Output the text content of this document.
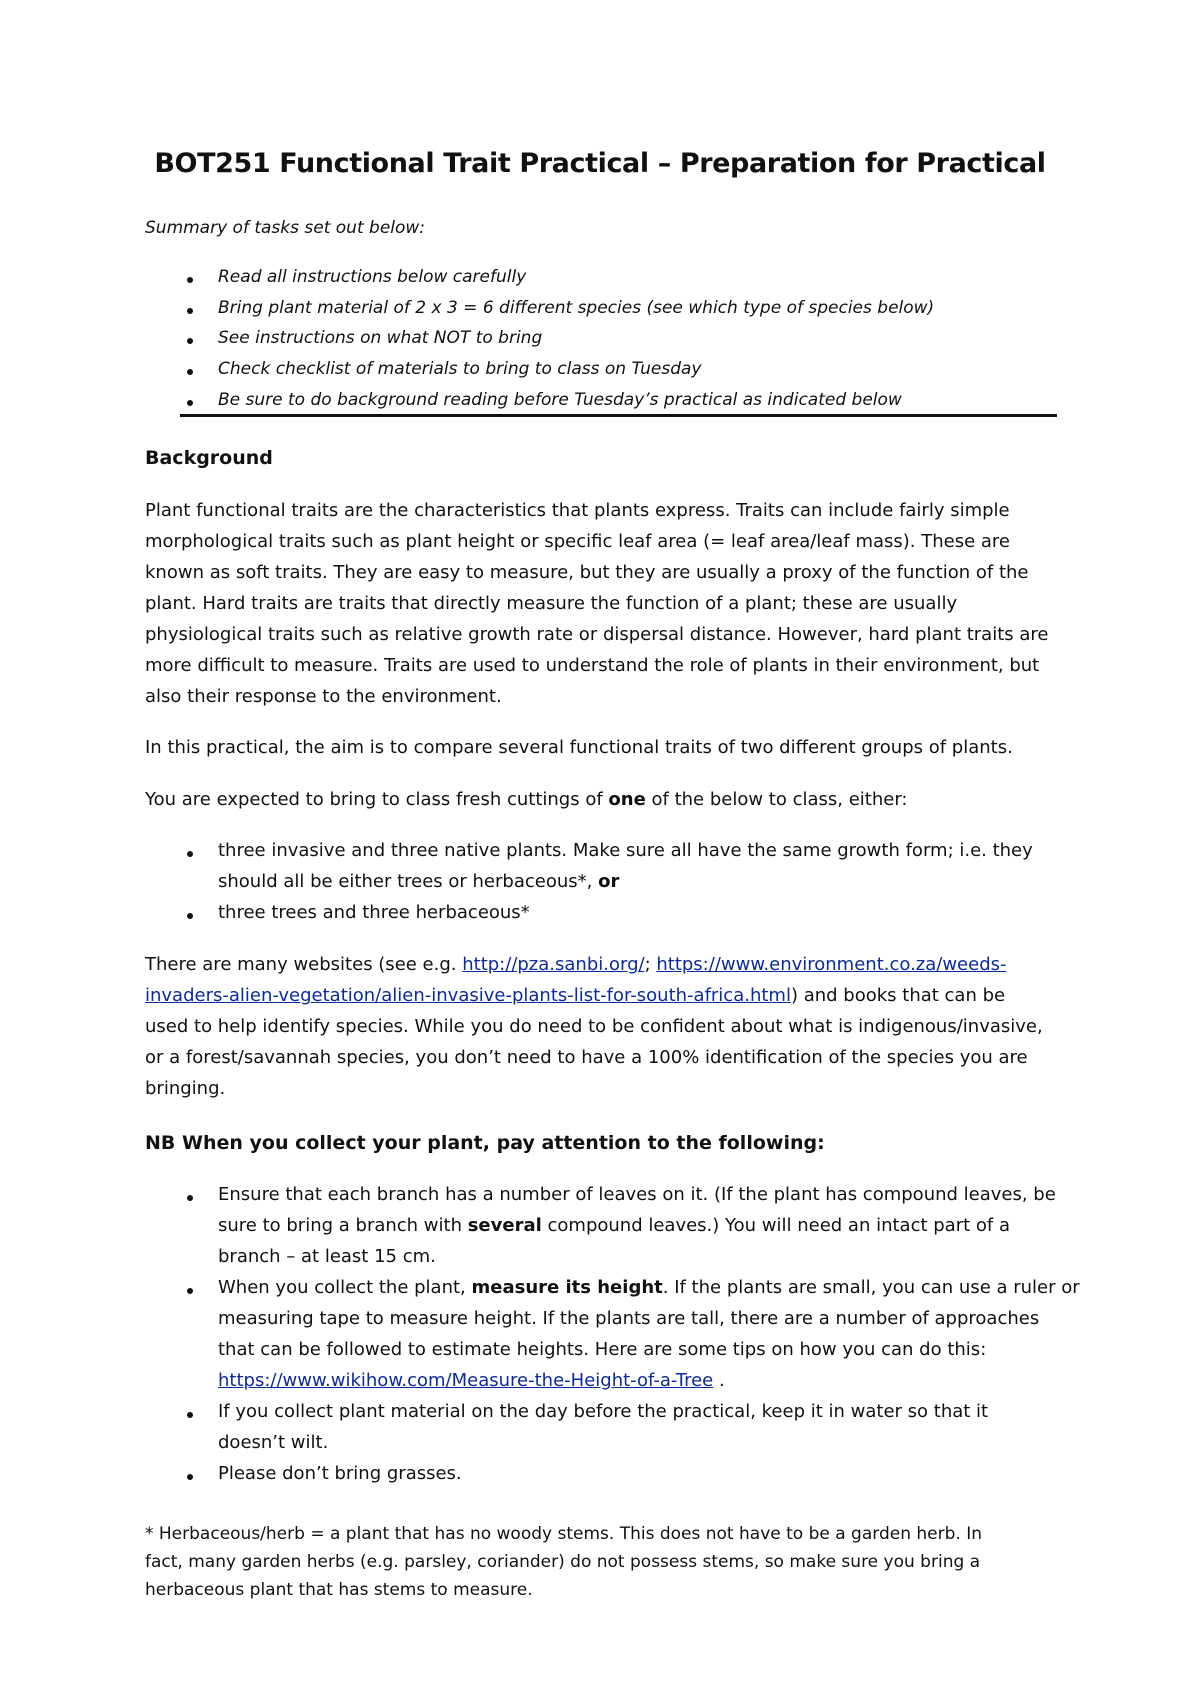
BOT251 Functional Trait Practical – Preparation for Practical
Summary of tasks set out below:
Read all instructions below carefully
Bring plant material of 2 x 3 = 6 different species (see which type of species below)
See instructions on what NOT to bring
Check checklist of materials to bring to class on Tuesday
Be sure to do background reading before Tuesday’s practical as indicated below
Background
Plant functional traits are the characteristics that plants express. Traits can include fairly simple
morphological traits such as plant height or specific leaf area (= leaf area/leaf mass). These are
known as soft traits. They are easy to measure, but they are usually a proxy of the function of the
plant. Hard traits are traits that directly measure the function of a plant; these are usually
physiological traits such as relative growth rate or dispersal distance. However, hard plant traits are
more difficult to measure. Traits are used to understand the role of plants in their environment, but
also their response to the environment.
In this practical, the aim is to compare several functional traits of two different groups of plants.
You are expected to bring to class fresh cuttings of one of the below to class, either:
three invasive and three native plants. Make sure all have the same growth form; i.e. they
should all be either trees or herbaceous*, or
three trees and three herbaceous*
There are many websites (see e.g. http://pza.sanbi.org/; https://www.environment.co.za/weeds-
invaders-alien-vegetation/alien-invasive-plants-list-for-south-africa.html) and books that can be
used to help identify species. While you do need to be confident about what is indigenous/invasive,
or a forest/savannah species, you don’t need to have a 100% identification of the species you are
bringing.
NB When you collect your plant, pay attention to the following:
Ensure that each branch has a number of leaves on it. (If the plant has compound leaves, be
sure to bring a branch with several compound leaves.) You will need an intact part of a
branch – at least 15 cm.
When you collect the plant, measure its height. If the plants are small, you can use a ruler or
measuring tape to measure height. If the plants are tall, there are a number of approaches
that can be followed to estimate heights. Here are some tips on how you can do this:
https://www.wikihow.com/Measure-the-Height-of-a-Tree .
If you collect plant material on the day before the practical, keep it in water so that it
doesn’t wilt.
Please don’t bring grasses.
* Herbaceous/herb = a plant that has no woody stems. This does not have to be a garden herb. In
fact, many garden herbs (e.g. parsley, coriander) do not possess stems, so make sure you bring a
herbaceous plant that has stems to measure.
